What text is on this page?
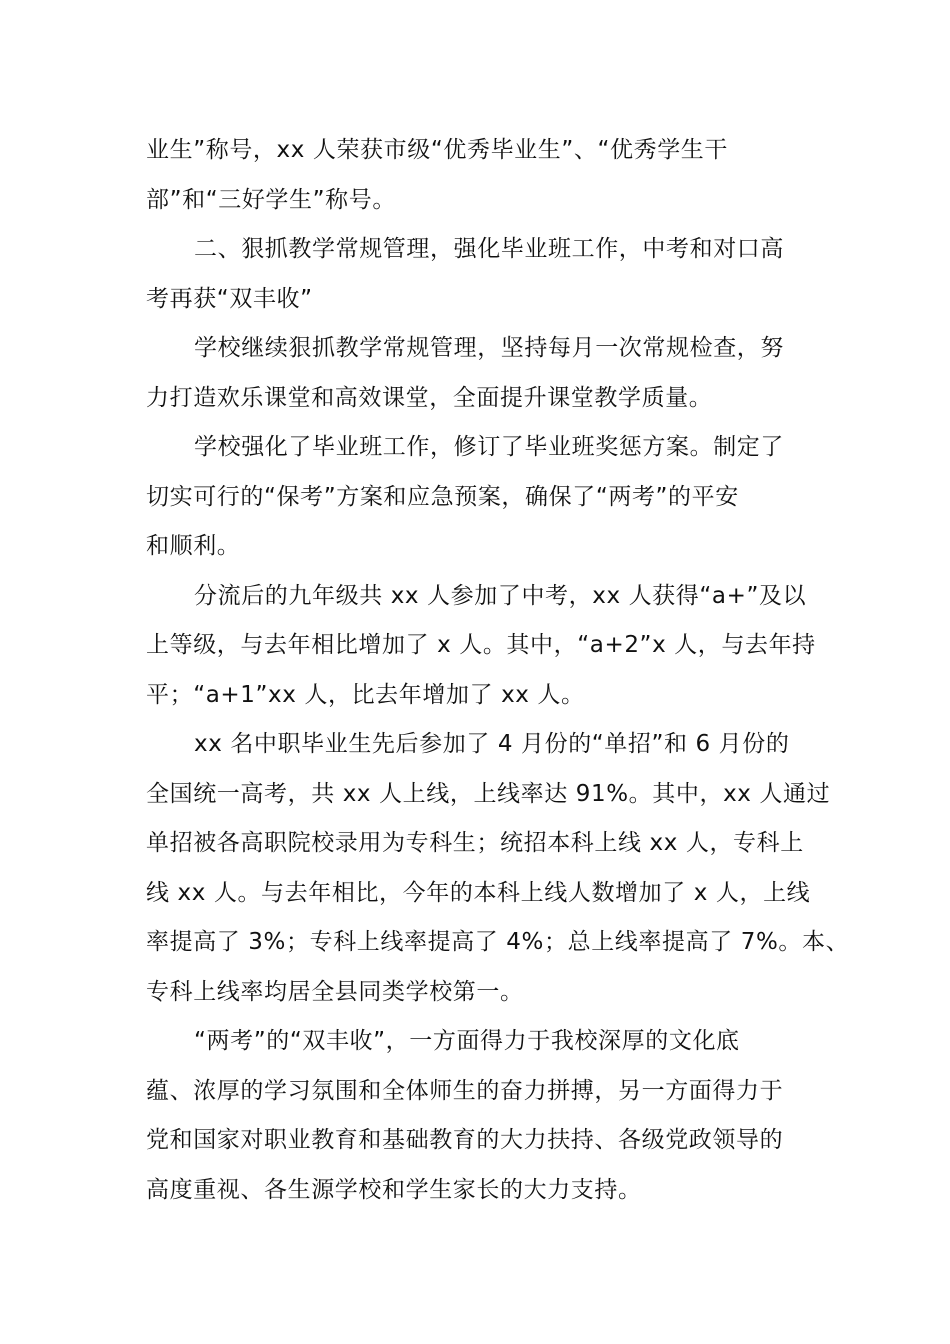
业生”称号，xx 人荣获市级“优秀毕业生”、“优秀学生干
部”和“三好学生”称号。
二、狠抓教学常规管理，强化毕业班工作，中考和对口高
考再获“双丰收”
学校继续狠抓教学常规管理，坚持每月一次常规检查，努
力打造欢乐课堂和高效课堂，全面提升课堂教学质量。
学校强化了毕业班工作，修订了毕业班奖惩方案。制定了
切实可行的“保考”方案和应急预案，确保了“两考”的平安
和顺利。
分流后的九年级共 xx 人参加了中考，xx 人获得“a+”及以
上等级，与去年相比增加了 x 人。其中，“a+2”x 人，与去年持
平；“a+1”xx 人，比去年增加了 xx 人。
xx 名中职毕业生先后参加了 4 月份的“单招”和 6 月份的
全国统一高考，共 xx 人上线，上线率达 91%。其中，xx 人通过
单招被各高职院校录用为专科生；统招本科上线 xx 人，专科上
线 xx 人。与去年相比，今年的本科上线人数增加了 x 人，上线
率提高了 3%；专科上线率提高了 4%；总上线率提高了 7%。本、
专科上线率均居全县同类学校第一。
“两考”的“双丰收”，一方面得力于我校深厚的文化底
蕴、浓厚的学习氛围和全体师生的奋力拼搏，另一方面得力于
党和国家对职业教育和基础教育的大力扶持、各级党政领导的
高度重视、各生源学校和学生家长的大力支持。
